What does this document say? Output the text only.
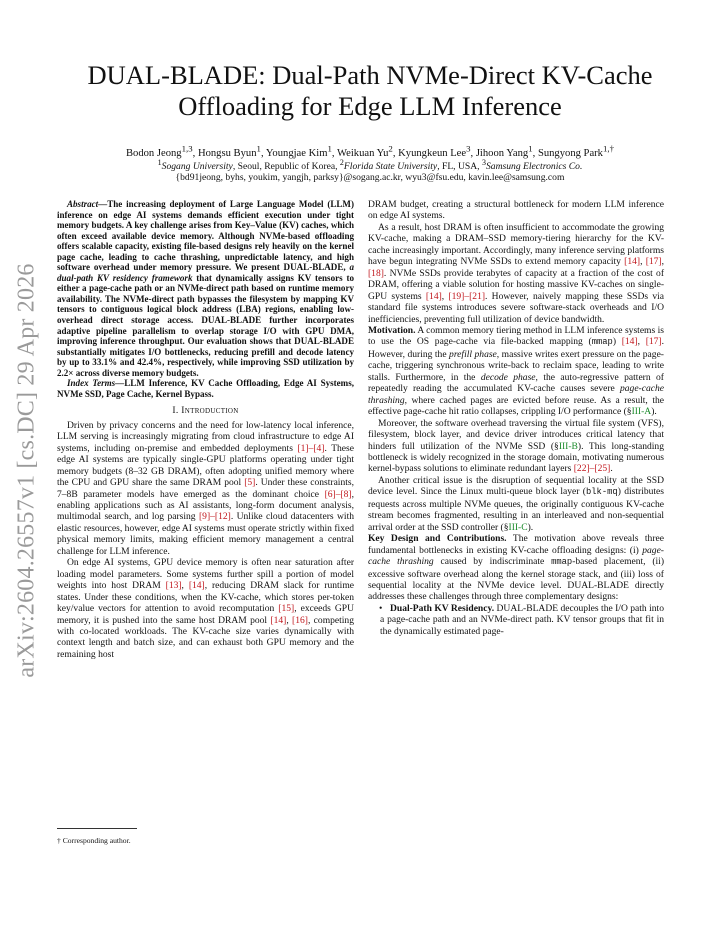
arXiv:2604.26557v1 [cs.DC] 29 Apr 2026
DUAL-BLADE: Dual-Path NVMe-Direct KV-Cache
Offloading for Edge LLM Inference
Bodon Jeong$^{1,3}$, Hongsu Byun$^1$, Youngjae Kim$^1$, Weikuan Yu$^2$, Kyungkeun Lee$^3$, Jihoon Yang$^1$, Sungyong Park$^{1,\dagger}$
$^1$Sogang University, Seoul, Republic of Korea, $^2$Florida State University, FL, USA, $^3$Samsung Electronics Co.
{bd91jeong, byhs, youkim, yangjh, parksy}@sogang.ac.kr, wyu3@fsu.edu, kavin.lee@samsung.com

Abstract—The increasing deployment of Large Language Model (LLM) inference on edge AI systems demands efficient execution under tight memory budgets. A key challenge arises from Key–Value (KV) caches, which often exceed available device memory. Although NVMe-based offloading offers scalable capacity, existing file-based designs rely heavily on the kernel page cache, leading to cache thrashing, unpredictable latency, and high software overhead under memory pressure. We present DUAL-BLADE, a dual-path KV residency framework that dynamically assigns KV tensors to either a page-cache path or an NVMe-direct path based on runtime memory availability. The NVMe-direct path bypasses the filesystem by mapping KV tensors to contiguous logical block address (LBA) regions, enabling low-overhead direct storage access. DUAL-BLADE further incorporates adaptive pipeline parallelism to overlap storage I/O with GPU DMA, improving inference throughput. Our evaluation shows that DUAL-BLADE substantially mitigates I/O bottlenecks, reducing prefill and decode latency by up to 33.1% and 42.4%, respectively, while improving SSD utilization by 2.2× across diverse memory budgets.

Index Terms—LLM Inference, KV Cache Offloading, Edge AI Systems, NVMe SSD, Page Cache, Kernel Bypass.

I. Introduction

Driven by privacy concerns and the need for low-latency local inference, LLM serving is increasingly migrating from cloud infrastructure to edge AI systems, including on-premise and embedded deployments [1]–[4]. These edge AI systems are typically single-GPU platforms operating under tight memory budgets (8–32 GB DRAM), often adopting unified memory where the CPU and GPU share the same DRAM pool [5]. Under these constraints, 7–8B parameter models have emerged as the dominant choice [6]–[8], enabling applications such as AI assistants, long-form document analysis, multimodal search, and log parsing [9]–[12]. Unlike cloud datacenters with elastic resources, however, edge AI systems must operate strictly within fixed physical memory limits, making efficient memory management a central challenge for LLM inference.

On edge AI systems, GPU device memory is often near saturation after loading model parameters. Some systems further spill a portion of model weights into host DRAM [13], [14], reducing DRAM slack for runtime states. Under these conditions, when the KV-cache, which stores per-token key/value vectors for attention to avoid recomputation [15], exceeds GPU memory, it is pushed into the same host DRAM pool [14], [16], competing with co-located workloads. The KV-cache size varies dynamically with context length and batch size, and can exhaust both GPU memory and the remaining host

DRAM budget, creating a structural bottleneck for modern LLM inference on edge AI systems.

As a result, host DRAM is often insufficient to accommodate the growing KV-cache, making a DRAM–SSD memory-tiering hierarchy for the KV-cache increasingly important. Accordingly, many inference serving platforms have begun integrating NVMe SSDs to extend memory capacity [14], [17], [18]. NVMe SSDs provide terabytes of capacity at a fraction of the cost of DRAM, offering a viable solution for hosting massive KV-caches on single-GPU systems [14], [19]–[21]. However, naively mapping these SSDs via standard file systems introduces severe software-stack overheads and I/O inefficiencies, preventing full utilization of device bandwidth.

Motivation. A common memory tiering method in LLM inference systems is to use the OS page-cache via file-backed mapping (mmap) [14], [17]. However, during the prefill phase, massive writes exert pressure on the page-cache, triggering synchronous write-back to reclaim space, leading to write stalls. Furthermore, in the decode phase, the auto-regressive pattern of repeatedly reading the accumulated KV-cache causes severe page-cache thrashing, where cached pages are evicted before reuse. As a result, the effective page-cache hit ratio collapses, crippling I/O performance (§III-A).

Moreover, the software overhead traversing the virtual file system (VFS), filesystem, block layer, and device driver introduces critical latency that hinders full utilization of the NVMe SSD (§III-B). This long-standing bottleneck is widely recognized in the storage domain, motivating numerous kernel-bypass solutions to eliminate redundant layers [22]–[25].

Another critical issue is the disruption of sequential locality at the SSD device level. Since the Linux multi-queue block layer (blk-mq) distributes requests across multiple NVMe queues, the originally contiguous KV-cache stream becomes fragmented, resulting in an interleaved and non-sequential arrival order at the SSD controller (§III-C).

Key Design and Contributions. The motivation above reveals three fundamental bottlenecks in existing KV-cache offloading designs: (i) page-cache thrashing caused by indiscriminate mmap-based placement, (ii) excessive software overhead along the kernel storage stack, and (iii) loss of sequential locality at the NVMe device level. DUAL-BLADE directly addresses these challenges through three complementary designs:

• Dual-Path KV Residency. DUAL-BLADE decouples the I/O path into a page-cache path and an NVMe-direct path. KV tensor groups that fit in the dynamically estimated page-

† Corresponding author.
